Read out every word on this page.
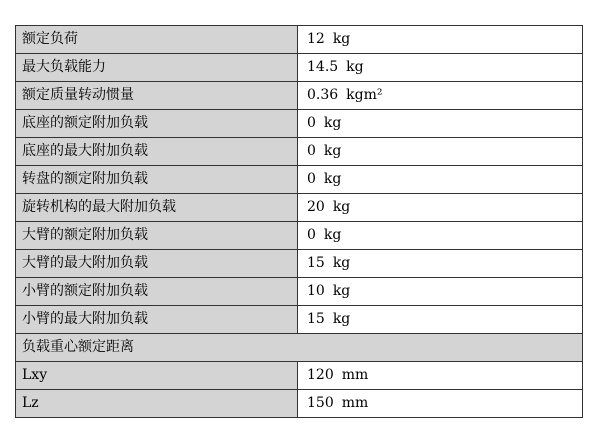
额定负荷	12 kg
最大负载能力	14.5 kg
额定质量转动惯量	0.36 kgm²
底座的额定附加负载	0 kg
底座的最大附加负载	0 kg
转盘的额定附加负载	0 kg
旋转机构的最大附加负载	20 kg
大臂的额定附加负载	0 kg
大臂的最大附加负载	15 kg
小臂的额定附加负载	10 kg
小臂的最大附加负载	15 kg
负载重心额定距离	
Lxy	120 mm
Lz	150 mm
